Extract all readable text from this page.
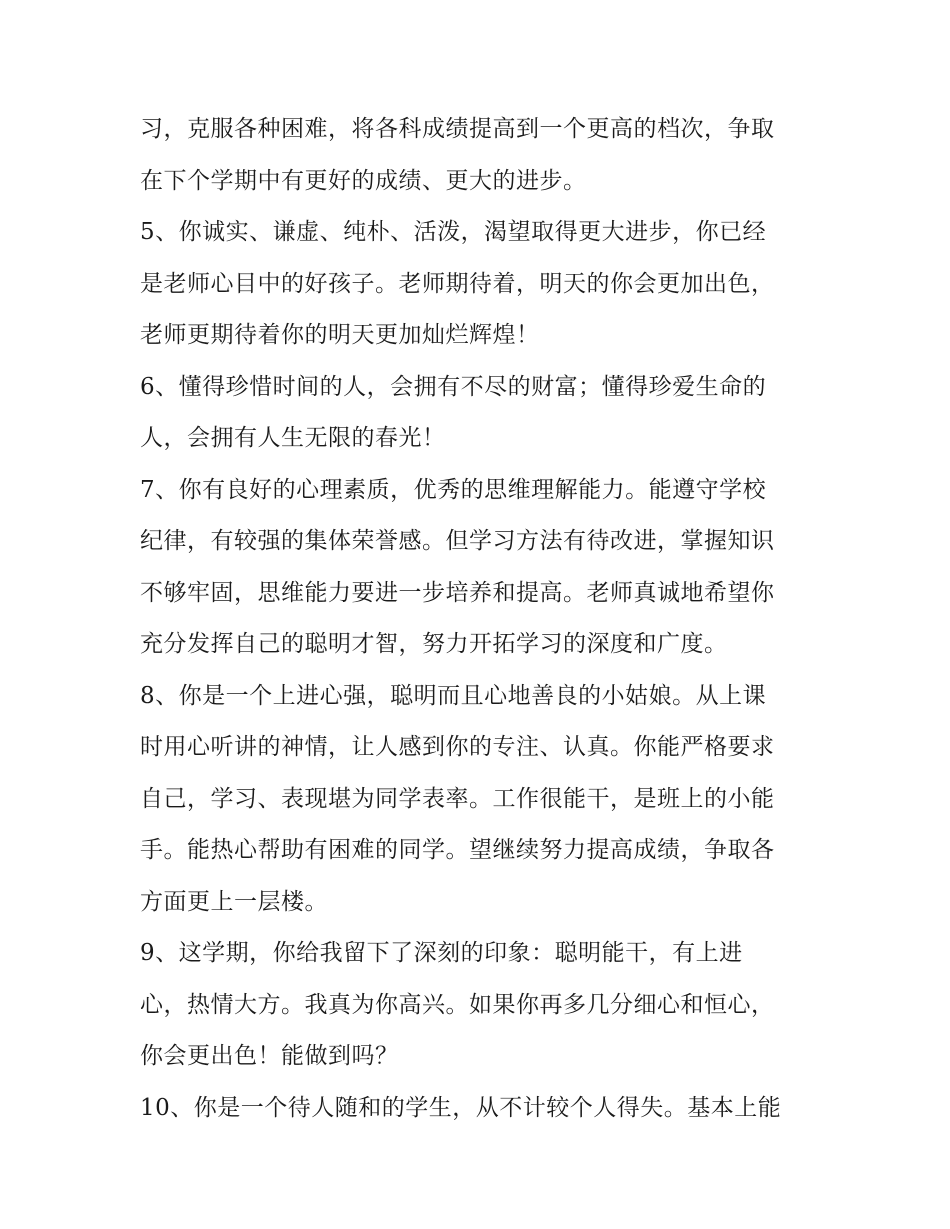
习，克服各种困难，将各科成绩提高到一个更高的档次，争取
在下个学期中有更好的成绩、更大的进步。
5、你诚实、谦虚、纯朴、活泼，渴望取得更大进步，你已经
是老师心目中的好孩子。老师期待着，明天的你会更加出色，
老师更期待着你的明天更加灿烂辉煌！
6、懂得珍惜时间的人，会拥有不尽的财富；懂得珍爱生命的
人，会拥有人生无限的春光！
7、你有良好的心理素质，优秀的思维理解能力。能遵守学校
纪律，有较强的集体荣誉感。但学习方法有待改进，掌握知识
不够牢固，思维能力要进一步培养和提高。老师真诚地希望你
充分发挥自己的聪明才智，努力开拓学习的深度和广度。
8、你是一个上进心强，聪明而且心地善良的小姑娘。从上课
时用心听讲的神情，让人感到你的专注、认真。你能严格要求
自己，学习、表现堪为同学表率。工作很能干，是班上的小能
手。能热心帮助有困难的同学。望继续努力提高成绩，争取各
方面更上一层楼。
9、这学期，你给我留下了深刻的印象：聪明能干，有上进
心，热情大方。我真为你高兴。如果你再多几分细心和恒心，
你会更出色！能做到吗？
10、你是一个待人随和的学生，从不计较个人得失。基本上能
